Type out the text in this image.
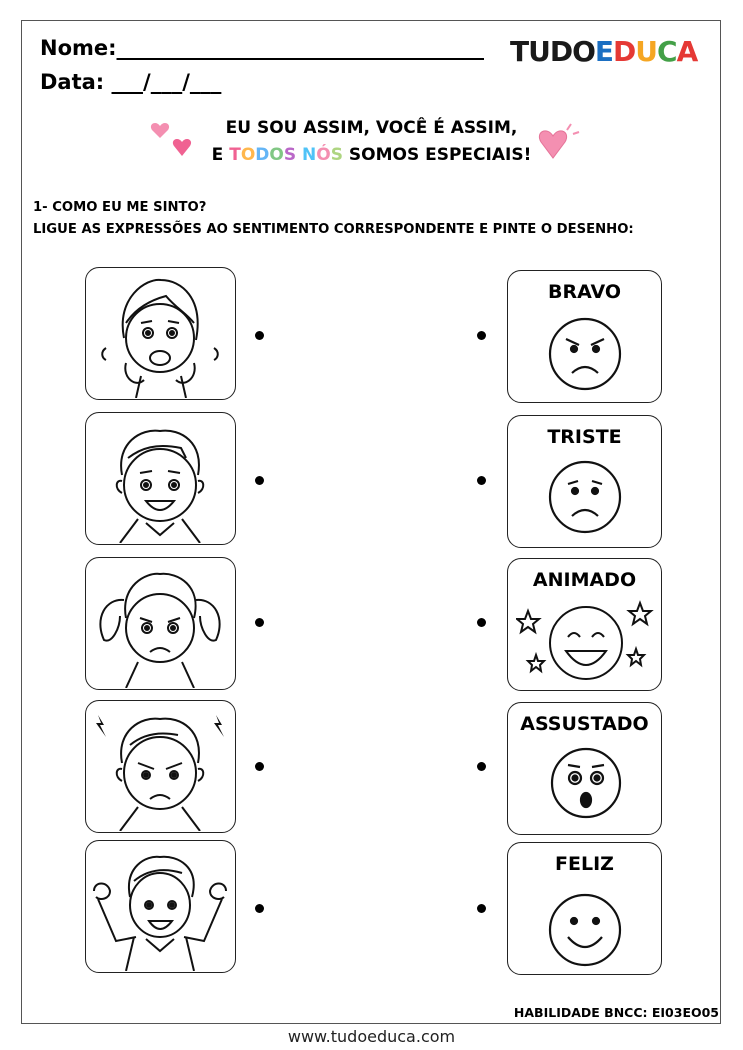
Nome:___________________________________
Data: ___/___/___
TUDOEDUCA
EU SOU ASSIM, VOCÊ É ASSIM,
E TODOS NÓS SOMOS ESPECIAIS!
1- COMO EU ME SINTO?
LIGUE AS EXPRESSÕES AO SENTIMENTO CORRESPONDENTE E PINTE O DESENHO:
BRAVO
TRISTE
ANIMADO
ASSUSTADO
FELIZ
HABILIDADE BNCC: EI03EO05
www.tudoeduca.com
